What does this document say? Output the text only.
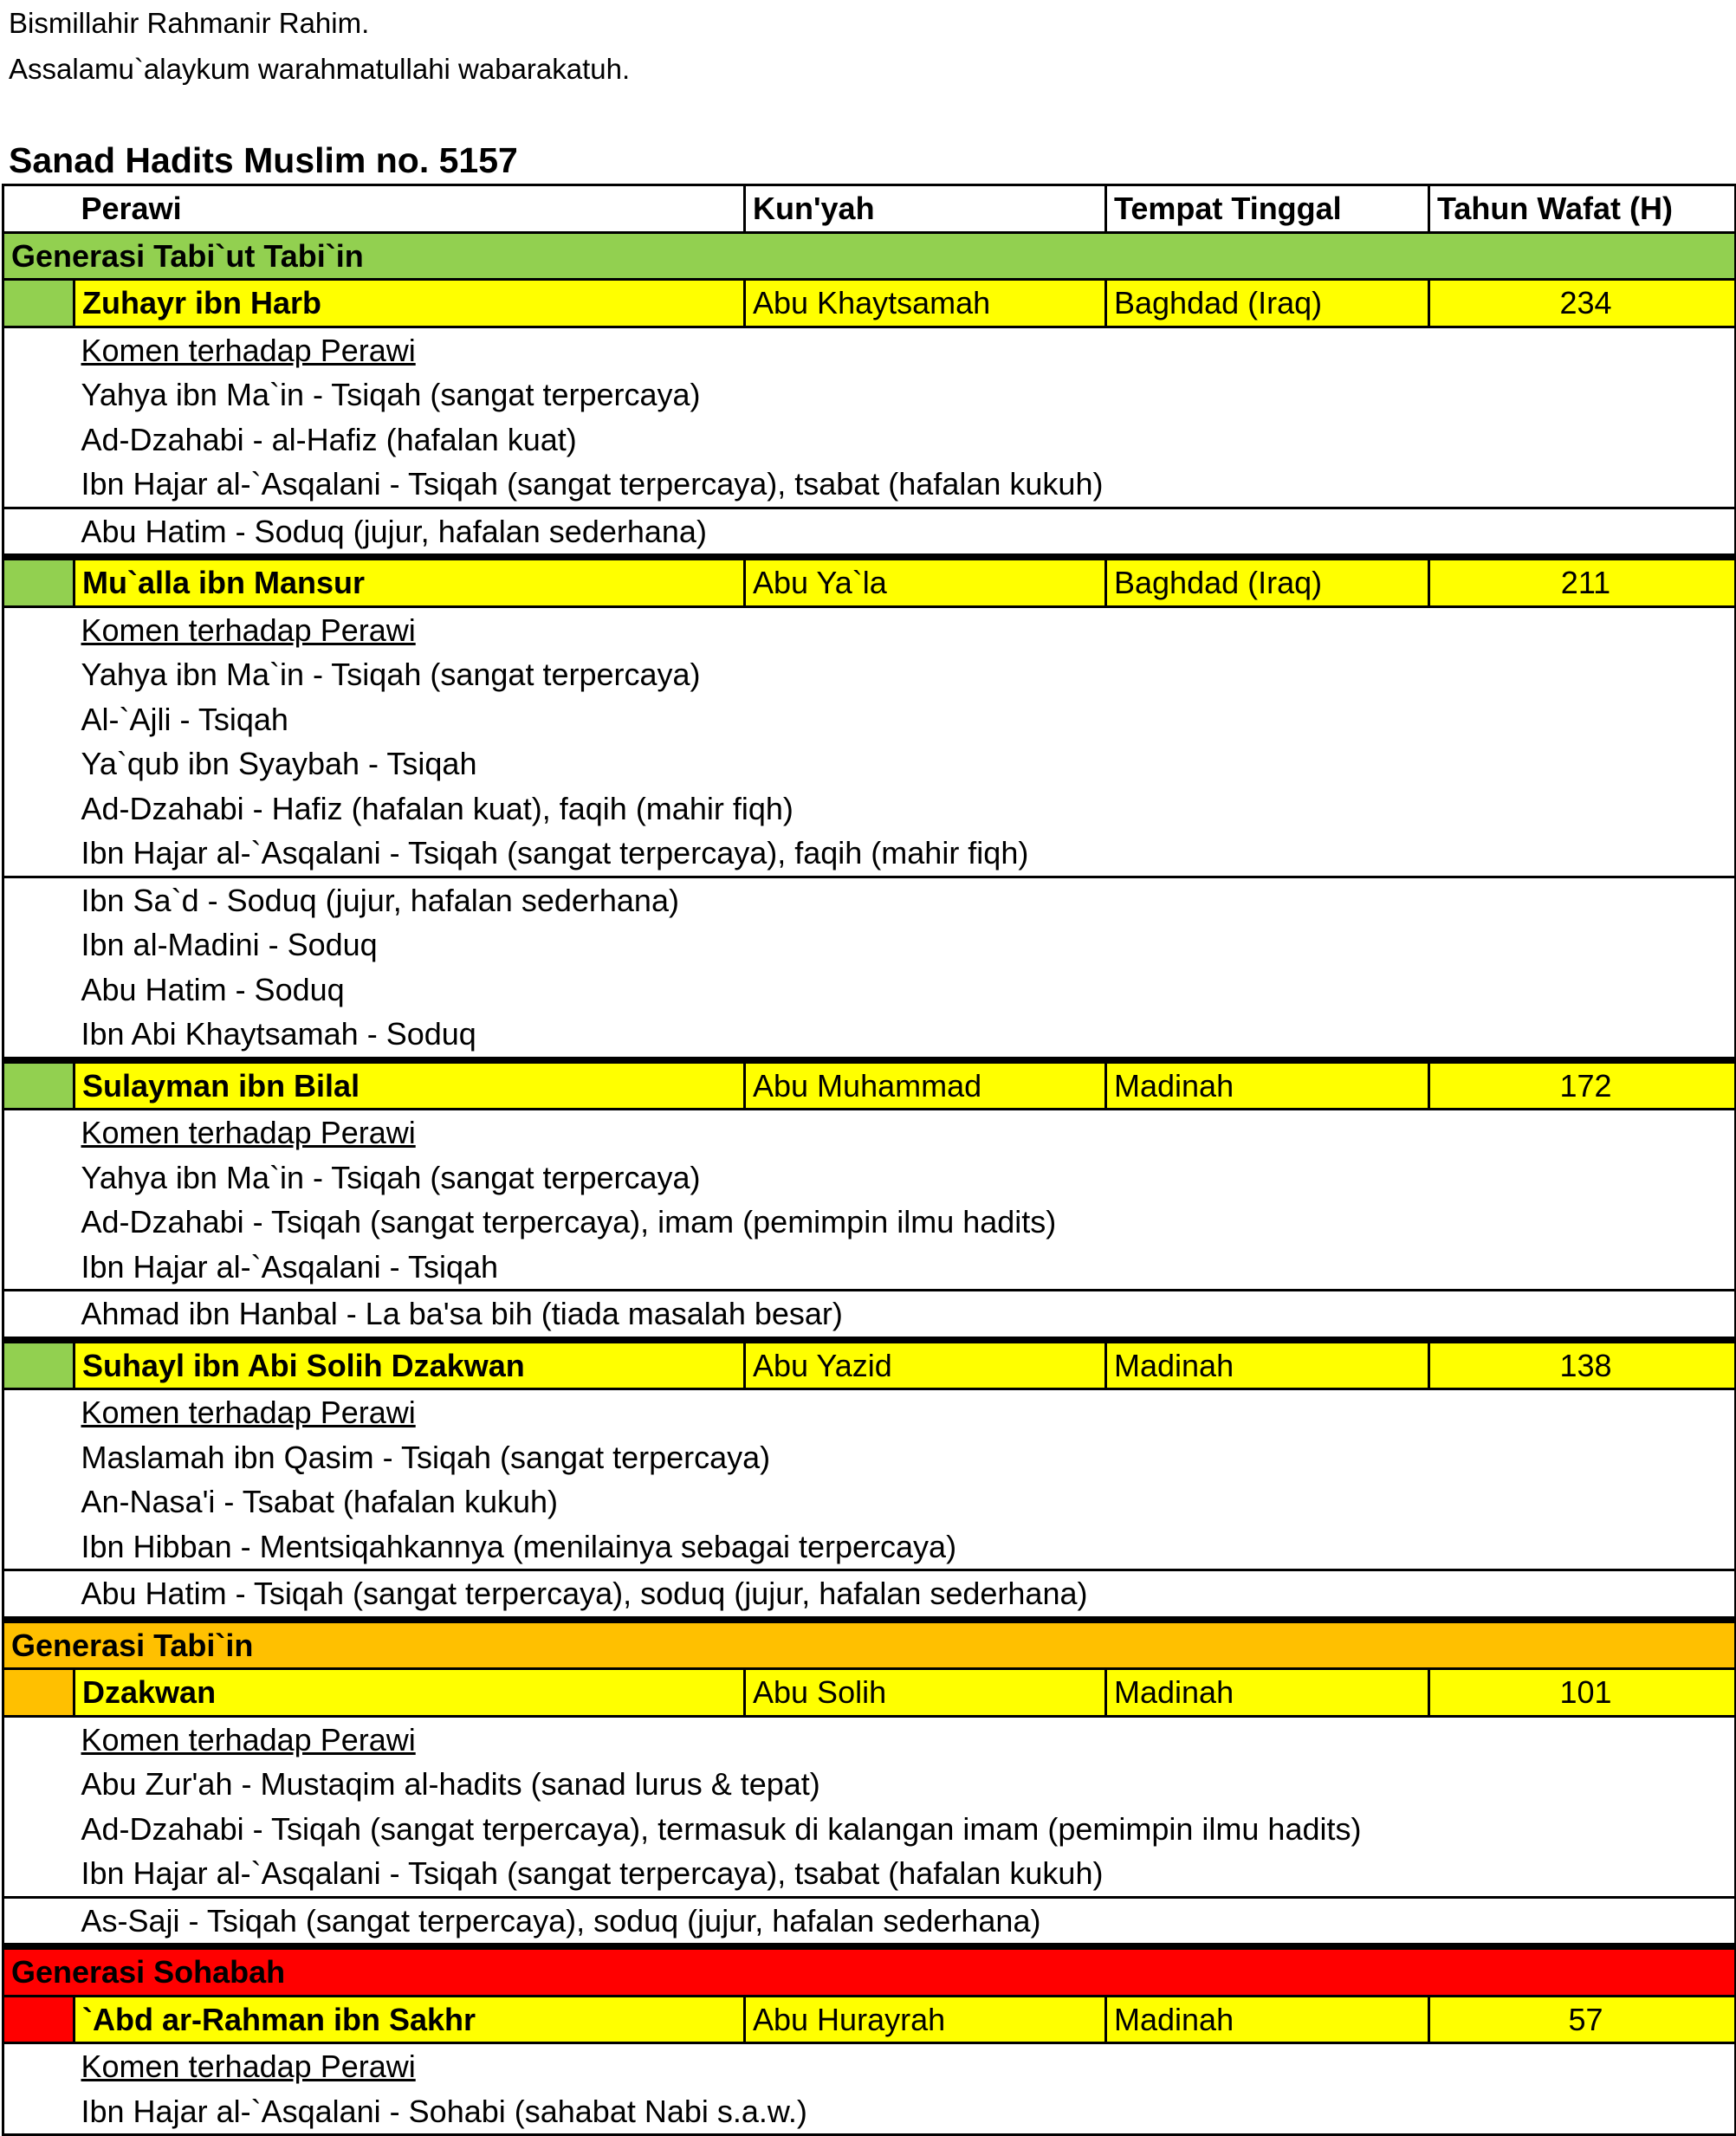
Bismillahir Rahmanir Rahim.
Assalamu`alaykum warahmatullahi wabarakatuh.
Sanad Hadits Muslim no. 5157
	Perawi	Kun'yah	Tempat Tinggal	Tahun Wafat (H)
Generasi Tabi`ut Tabi`in				
	Zuhayr ibn Harb	Abu Khaytsamah	Baghdad (Iraq)	234
	Komen terhadap Perawi			
	Yahya ibn Ma`in - Tsiqah (sangat terpercaya)			
	Ad-Dzahabi - al-Hafiz (hafalan kuat)			
	Ibn Hajar al-`Asqalani - Tsiqah (sangat terpercaya), tsabat (hafalan kukuh)			
	Abu Hatim - Soduq (jujur, hafalan sederhana)			
	Mu`alla ibn Mansur	Abu Ya`la	Baghdad (Iraq)	211
	Komen terhadap Perawi			
	Yahya ibn Ma`in - Tsiqah (sangat terpercaya)			
	Al-`Ajli - Tsiqah			
	Ya`qub ibn Syaybah - Tsiqah			
	Ad-Dzahabi - Hafiz (hafalan kuat), faqih (mahir fiqh)			
	Ibn Hajar al-`Asqalani - Tsiqah (sangat terpercaya), faqih (mahir fiqh)			
	Ibn Sa`d - Soduq (jujur, hafalan sederhana)			
	Ibn al-Madini - Soduq			
	Abu Hatim - Soduq			
	Ibn Abi Khaytsamah - Soduq			
	Sulayman ibn Bilal	Abu Muhammad	Madinah	172
	Komen terhadap Perawi			
	Yahya ibn Ma`in - Tsiqah (sangat terpercaya)			
	Ad-Dzahabi - Tsiqah (sangat terpercaya), imam (pemimpin ilmu hadits)			
	Ibn Hajar al-`Asqalani - Tsiqah			
	Ahmad ibn Hanbal - La ba'sa bih (tiada masalah besar)			
	Suhayl ibn Abi Solih Dzakwan	Abu Yazid	Madinah	138
	Komen terhadap Perawi			
	Maslamah ibn Qasim - Tsiqah (sangat terpercaya)			
	An-Nasa'i - Tsabat (hafalan kukuh)			
	Ibn Hibban - Mentsiqahkannya (menilainya sebagai terpercaya)			
	Abu Hatim - Tsiqah (sangat terpercaya), soduq (jujur, hafalan sederhana)			
Generasi Tabi`in				
	Dzakwan	Abu Solih	Madinah	101
	Komen terhadap Perawi			
	Abu Zur'ah - Mustaqim al-hadits (sanad lurus & tepat)			
	Ad-Dzahabi - Tsiqah (sangat terpercaya), termasuk di kalangan imam (pemimpin ilmu hadits)			
	Ibn Hajar al-`Asqalani - Tsiqah (sangat terpercaya), tsabat (hafalan kukuh)			
	As-Saji - Tsiqah (sangat terpercaya), soduq (jujur, hafalan sederhana)			
Generasi Sohabah				
	`Abd ar-Rahman ibn Sakhr	Abu Hurayrah	Madinah	57
	Komen terhadap Perawi			
	Ibn Hajar al-`Asqalani - Sohabi (sahabat Nabi s.a.w.)			
